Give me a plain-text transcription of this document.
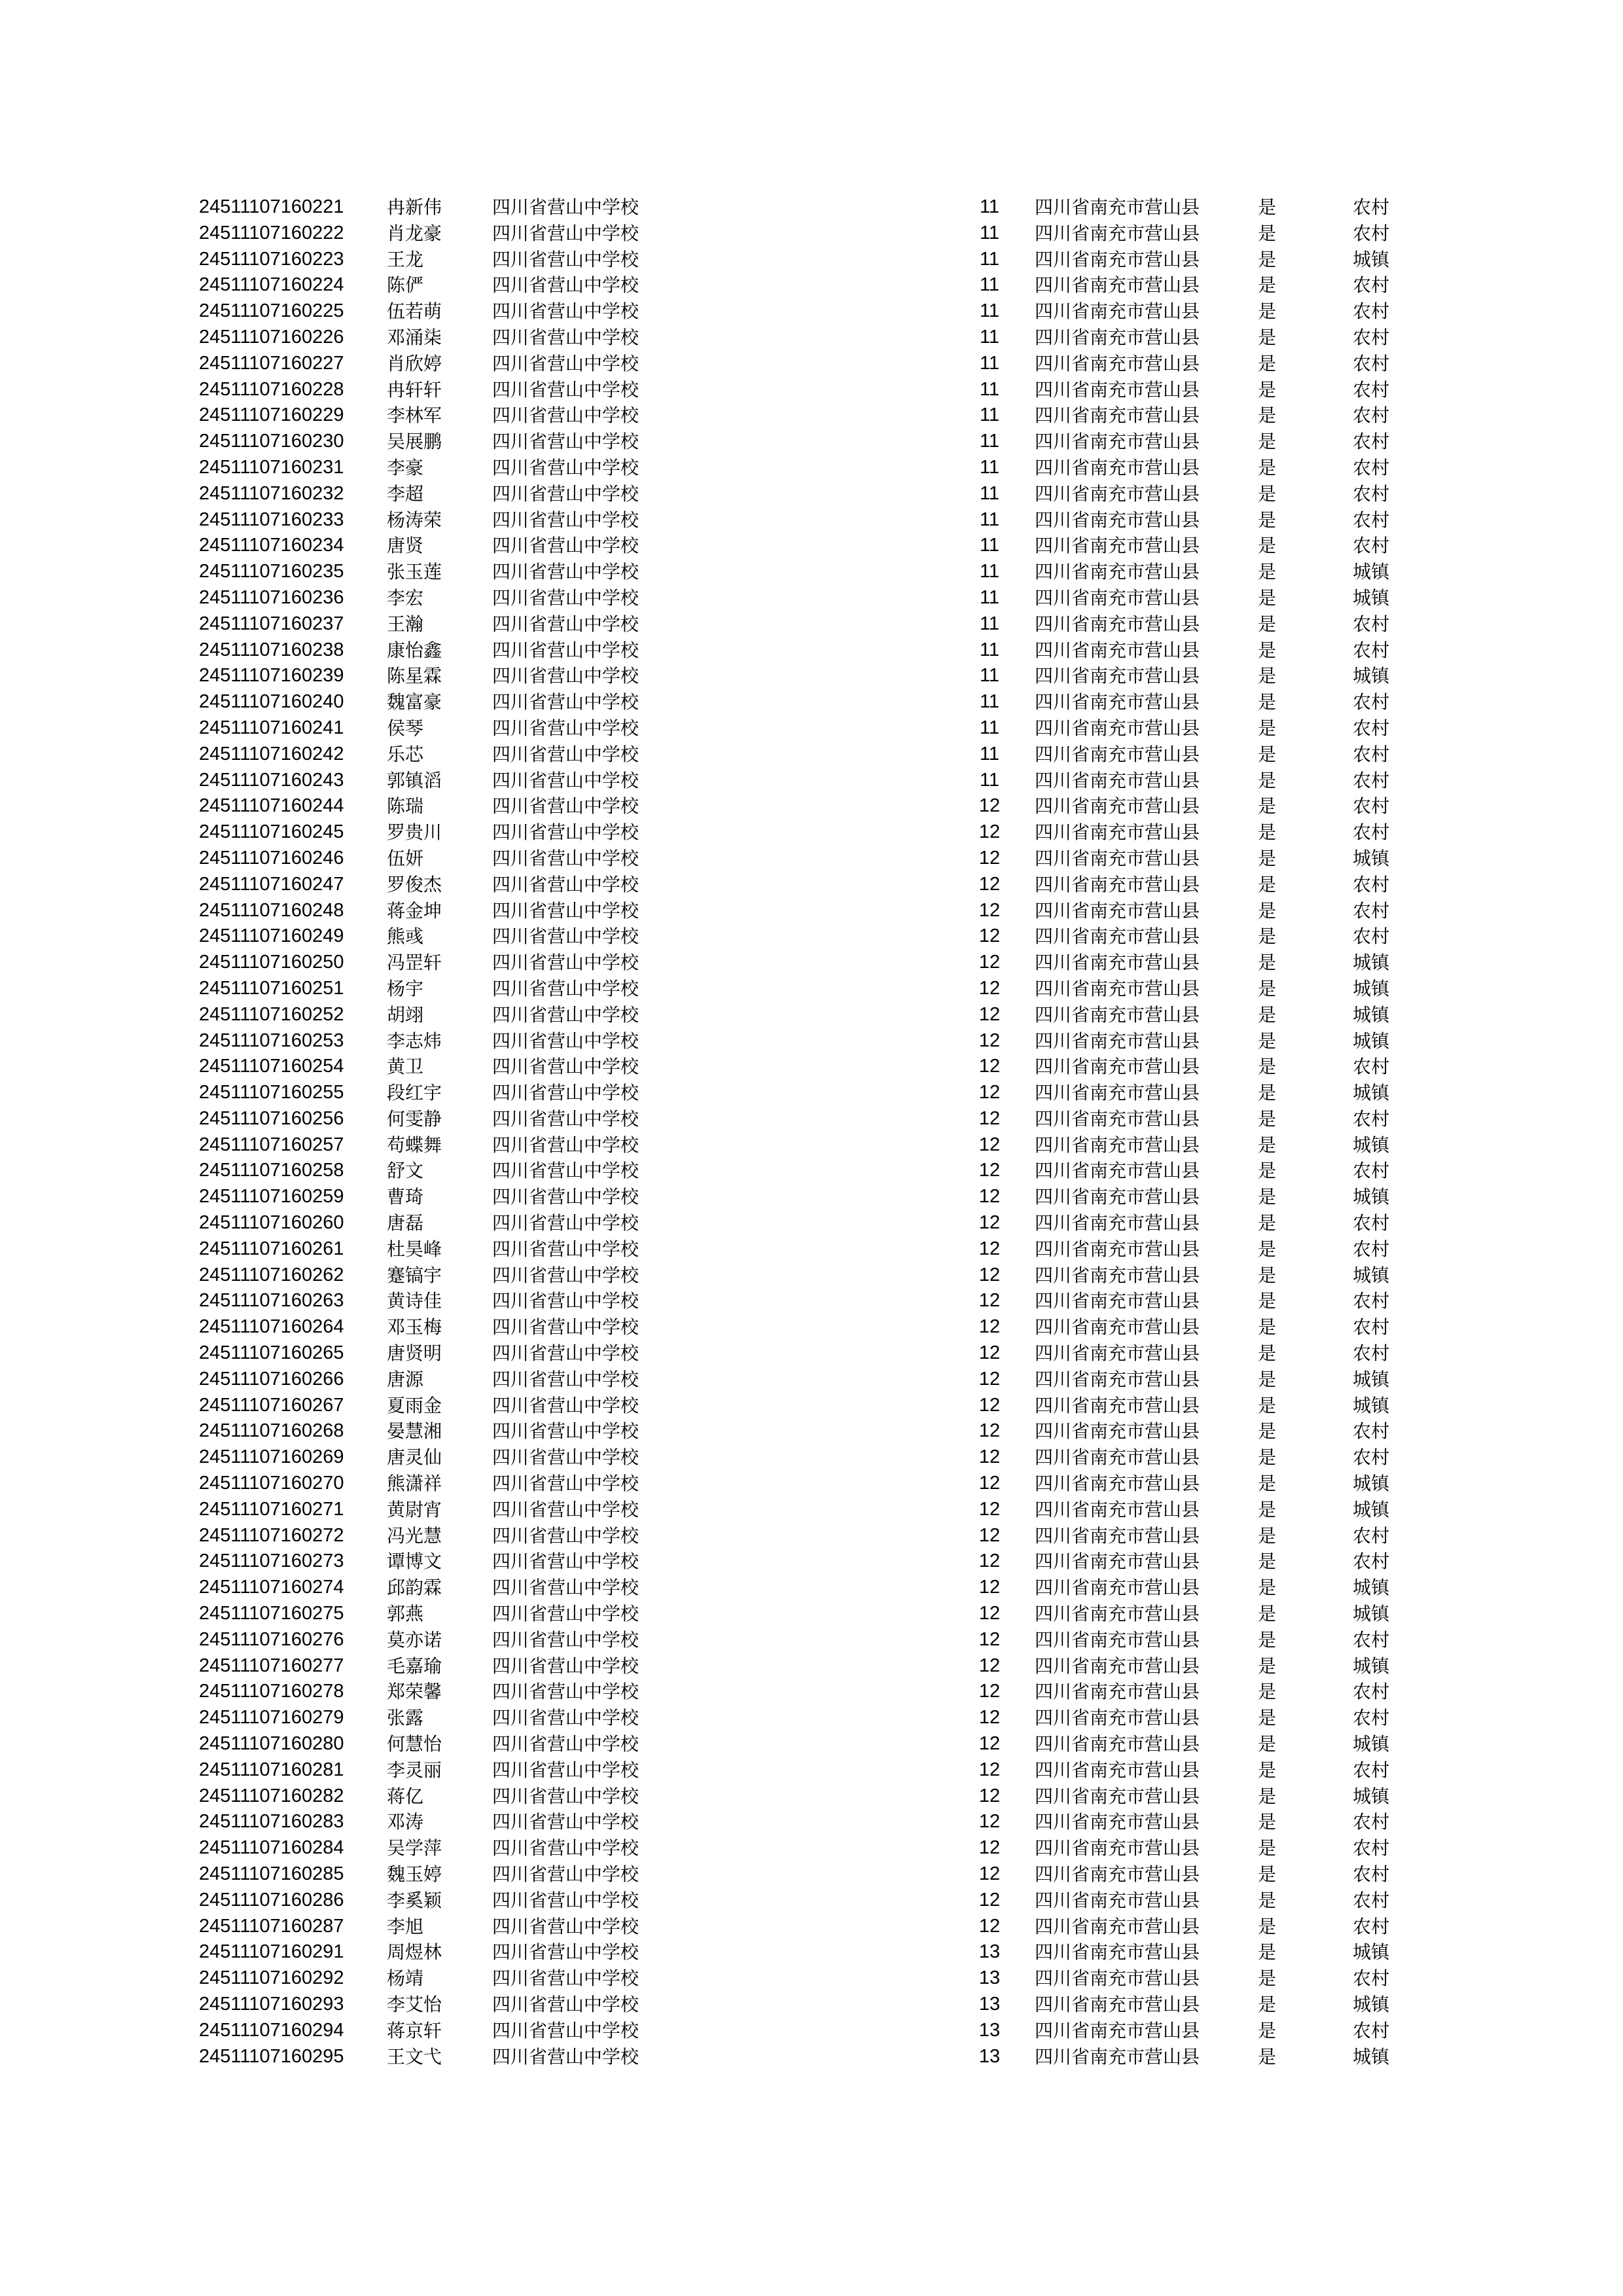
24511107160221 冉新伟	四川省营山中学校	11	四川省南充市营山县	是	农村
24511107160222 肖龙豪	四川省营山中学校	11	四川省南充市营山县	是	农村
24511107160223 王龙	四川省营山中学校	11	四川省南充市营山县	是	城镇
24511107160224 陈俨	四川省营山中学校	11	四川省南充市营山县	是	农村
24511107160225 伍若萌	四川省营山中学校	11	四川省南充市营山县	是	农村
24511107160226 邓涌柒	四川省营山中学校	11	四川省南充市营山县	是	农村
24511107160227 肖欣婷	四川省营山中学校	11	四川省南充市营山县	是	农村
24511107160228 冉轩轩	四川省营山中学校	11	四川省南充市营山县	是	农村
24511107160229 李林军	四川省营山中学校	11	四川省南充市营山县	是	农村
24511107160230 吴展鹏	四川省营山中学校	11	四川省南充市营山县	是	农村
24511107160231 李豪	四川省营山中学校	11	四川省南充市营山县	是	农村
24511107160232 李超	四川省营山中学校	11	四川省南充市营山县	是	农村
24511107160233 杨涛荣	四川省营山中学校	11	四川省南充市营山县	是	农村
24511107160234 唐贤	四川省营山中学校	11	四川省南充市营山县	是	农村
24511107160235 张玉莲	四川省营山中学校	11	四川省南充市营山县	是	城镇
24511107160236 李宏	四川省营山中学校	11	四川省南充市营山县	是	城镇
24511107160237 王瀚	四川省营山中学校	11	四川省南充市营山县	是	农村
24511107160238 康怡鑫	四川省营山中学校	11	四川省南充市营山县	是	农村
24511107160239 陈星霖	四川省营山中学校	11	四川省南充市营山县	是	城镇
24511107160240 魏富豪	四川省营山中学校	11	四川省南充市营山县	是	农村
24511107160241 侯琴	四川省营山中学校	11	四川省南充市营山县	是	农村
24511107160242 乐芯	四川省营山中学校	11	四川省南充市营山县	是	农村
24511107160243 郭镇滔	四川省营山中学校	11	四川省南充市营山县	是	农村
24511107160244 陈瑞	四川省营山中学校	12	四川省南充市营山县	是	农村
24511107160245 罗贵川	四川省营山中学校	12	四川省南充市营山县	是	农村
24511107160246 伍妍	四川省营山中学校	12	四川省南充市营山县	是	城镇
24511107160247 罗俊杰	四川省营山中学校	12	四川省南充市营山县	是	农村
24511107160248 蒋金坤	四川省营山中学校	12	四川省南充市营山县	是	农村
24511107160249 熊彧	四川省营山中学校	12	四川省南充市营山县	是	农村
24511107160250 冯罡轩	四川省营山中学校	12	四川省南充市营山县	是	城镇
24511107160251 杨宇	四川省营山中学校	12	四川省南充市营山县	是	城镇
24511107160252 胡翊	四川省营山中学校	12	四川省南充市营山县	是	城镇
24511107160253 李志炜	四川省营山中学校	12	四川省南充市营山县	是	城镇
24511107160254 黄卫	四川省营山中学校	12	四川省南充市营山县	是	农村
24511107160255 段红宇	四川省营山中学校	12	四川省南充市营山县	是	城镇
24511107160256 何雯静	四川省营山中学校	12	四川省南充市营山县	是	农村
24511107160257 苟蝶舞	四川省营山中学校	12	四川省南充市营山县	是	城镇
24511107160258 舒文	四川省营山中学校	12	四川省南充市营山县	是	农村
24511107160259 曹琦	四川省营山中学校	12	四川省南充市营山县	是	城镇
24511107160260 唐磊	四川省营山中学校	12	四川省南充市营山县	是	农村
24511107160261 杜昊峰	四川省营山中学校	12	四川省南充市营山县	是	农村
24511107160262 蹇镐宇	四川省营山中学校	12	四川省南充市营山县	是	城镇
24511107160263 黄诗佳	四川省营山中学校	12	四川省南充市营山县	是	农村
24511107160264 邓玉梅	四川省营山中学校	12	四川省南充市营山县	是	农村
24511107160265 唐贤明	四川省营山中学校	12	四川省南充市营山县	是	农村
24511107160266 唐源	四川省营山中学校	12	四川省南充市营山县	是	城镇
24511107160267 夏雨金	四川省营山中学校	12	四川省南充市营山县	是	城镇
24511107160268 晏慧湘	四川省营山中学校	12	四川省南充市营山县	是	农村
24511107160269 唐灵仙	四川省营山中学校	12	四川省南充市营山县	是	农村
24511107160270 熊潇祥	四川省营山中学校	12	四川省南充市营山县	是	城镇
24511107160271 黄尉宵	四川省营山中学校	12	四川省南充市营山县	是	城镇
24511107160272 冯光慧	四川省营山中学校	12	四川省南充市营山县	是	农村
24511107160273 谭博文	四川省营山中学校	12	四川省南充市营山县	是	农村
24511107160274 邱韵霖	四川省营山中学校	12	四川省南充市营山县	是	城镇
24511107160275 郭燕	四川省营山中学校	12	四川省南充市营山县	是	城镇
24511107160276 莫亦诺	四川省营山中学校	12	四川省南充市营山县	是	农村
24511107160277 毛嘉瑜	四川省营山中学校	12	四川省南充市营山县	是	城镇
24511107160278 郑荣馨	四川省营山中学校	12	四川省南充市营山县	是	农村
24511107160279 张露	四川省营山中学校	12	四川省南充市营山县	是	农村
24511107160280 何慧怡	四川省营山中学校	12	四川省南充市营山县	是	城镇
24511107160281 李灵丽	四川省营山中学校	12	四川省南充市营山县	是	农村
24511107160282 蒋亿	四川省营山中学校	12	四川省南充市营山县	是	城镇
24511107160283 邓涛	四川省营山中学校	12	四川省南充市营山县	是	农村
24511107160284 吴学萍	四川省营山中学校	12	四川省南充市营山县	是	农村
24511107160285 魏玉婷	四川省营山中学校	12	四川省南充市营山县	是	农村
24511107160286 李奚颖	四川省营山中学校	12	四川省南充市营山县	是	农村
24511107160287 李旭	四川省营山中学校	12	四川省南充市营山县	是	农村
24511107160291 周煜林	四川省营山中学校	13	四川省南充市营山县	是	城镇
24511107160292 杨靖	四川省营山中学校	13	四川省南充市营山县	是	农村
24511107160293 李艾怡	四川省营山中学校	13	四川省南充市营山县	是	城镇
24511107160294 蒋京轩	四川省营山中学校	13	四川省南充市营山县	是	农村
24511107160295 王文弋	四川省营山中学校	13	四川省南充市营山县	是	城镇
